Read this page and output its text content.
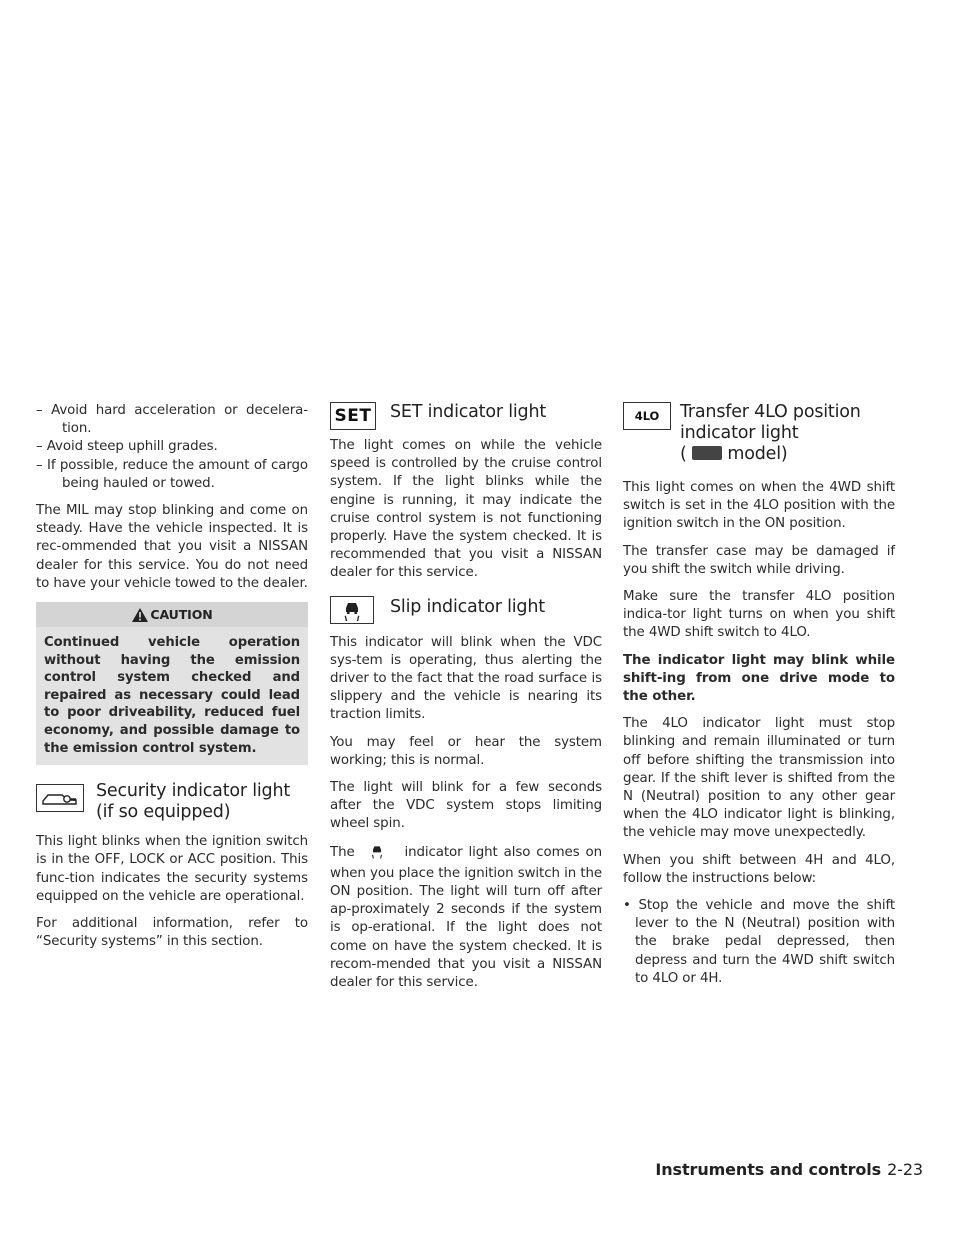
– Avoid hard acceleration or decelera-tion.

– Avoid steep uphill grades.

– If possible, reduce the amount of cargo being hauled or towed.

The MIL may stop blinking and come on steady. Have the vehicle inspected. It is rec-ommended that you visit a NISSAN dealer for this service. You do not need to have your vehicle towed to the dealer.

CAUTION
Continued vehicle operation without having the emission control system checked and repaired as necessary could lead to poor driveability, reduced fuel economy, and possible damage to the emission control system.
Security indicator light
(if so equipped)

This light blinks when the ignition switch is in the OFF, LOCK or ACC position. This func-tion indicates the security systems equipped on the vehicle are operational.

For additional information, refer to “Security systems” in this section.

SET SET indicator light

The light comes on while the vehicle speed is controlled by the cruise control system. If the light blinks while the engine is running, it may indicate the cruise control system is not functioning properly. Have the system checked. It is recommended that you visit a NISSAN dealer for this service.

Slip indicator light

This indicator will blink when the VDC sys-tem is operating, thus alerting the driver to the fact that the road surface is slippery and the vehicle is nearing its traction limits.

You may feel or hear the system working; this is normal.

The light will blink for a few seconds after the VDC system stops limiting wheel spin.

The	indicator light also comes on when you place the ignition switch in the ON position. The light will turn off after ap-proximately 2 seconds if the system is op-erational. If the light does not come on have the system checked. It is recom-mended that you visit a NISSAN dealer for this service.

4LO	Transfer 4LO position
indicator light
( model)

This light comes on when the 4WD shift switch is set in the 4LO position with the ignition switch in the ON position.

The transfer case may be damaged if you shift the switch while driving.

Make sure the transfer 4LO position indica-tor light turns on when you shift the 4WD shift switch to 4LO.

The indicator light may blink while shift-ing from one drive mode to the other.

The 4LO indicator light must stop blinking and remain illuminated or turn off before shifting the transmission into gear. If the shift lever is shifted from the N (Neutral) position to any other gear when the 4LO indicator light is blinking, the vehicle may move unexpectedly.

When you shift between 4H and 4LO, follow the instructions below:

• Stop the vehicle and move the shift lever to the N (Neutral) position with the brake pedal depressed, then depress and turn the 4WD shift switch to 4LO or 4H.

Instruments and controls 2-23
